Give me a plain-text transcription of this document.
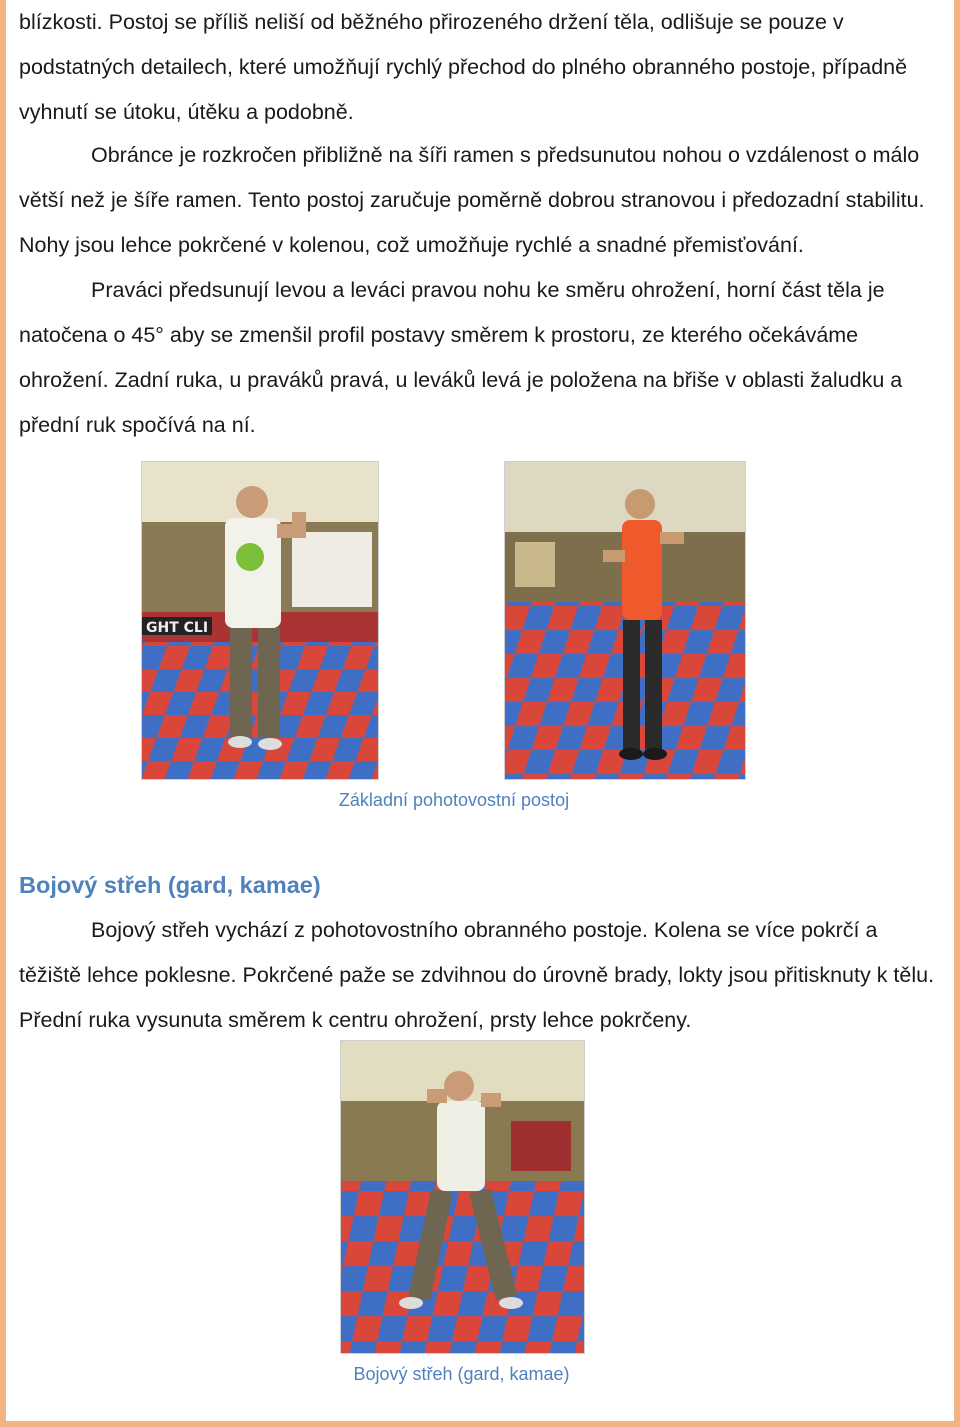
blízkosti. Postoj se příliš neliší od běžného přirozeného držení těla, odlišuje se pouze v podstatných detailech, které umožňují rychlý přechod do plného obranného postoje, případně vyhnutí se útoku, útěku a podobně.

Obránce je rozkročen přibližně na šíři ramen s předsunutou nohou o vzdálenost o málo větší než je šíře ramen. Tento postoj zaručuje poměrně dobrou stranovou i předozadní stabilitu. Nohy jsou lehce pokrčené v kolenou, což umožňuje rychlé a snadné přemisťování.

Praváci předsunují levou a leváci pravou nohu ke směru ohrožení, horní část těla je natočena o 45° aby se zmenšil profil postavy směrem k prostoru, ze kterého očekáváme ohrožení. Zadní ruka, u praváků pravá, u leváků levá je položena na břiše v oblasti žaludku a přední ruk spočívá na ní.

GHT CLI
Základní pohotovostní postoj
Bojový střeh (gard, kamae)

Bojový střeh vychází z pohotovostního obranného postoje. Kolena se více pokrčí a těžiště lehce poklesne. Pokrčené paže se zdvihnou do úrovně brady, lokty jsou přitisknuty k tělu. Přední ruka vysunuta směrem k centru ohrožení, prsty lehce pokrčeny.

Bojový střeh (gard, kamae)
